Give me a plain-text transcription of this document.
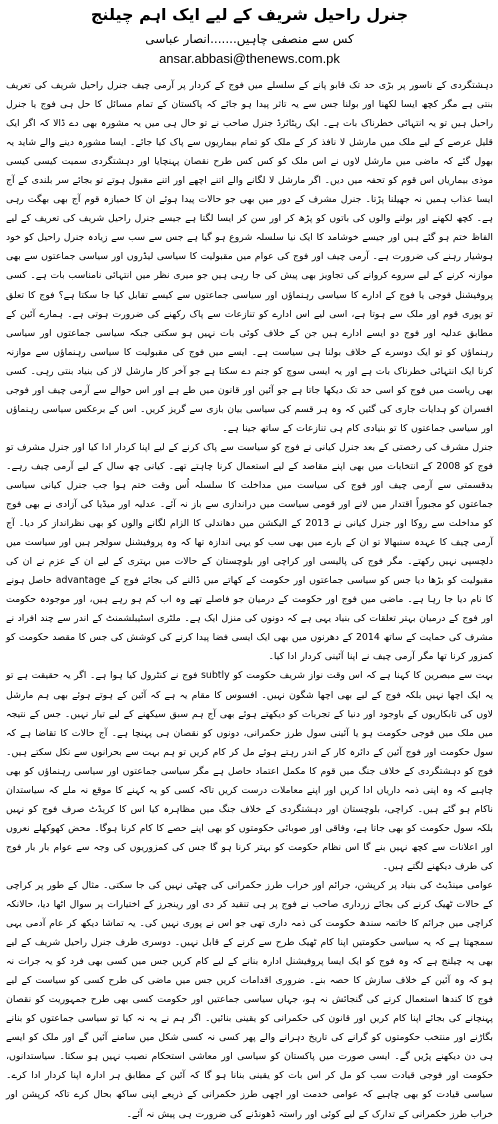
جنرل راحیل شریف کے لیے ایک اہم چیلنج
کس سے منصفی چاہیں.......انصار عباسی
ansar.abbasi@thenews.com.pk

دہشتگردی کے ناسور پر بڑی حد تک قابو پانے کے سلسلے میں فوج کے کردار پر آرمی چیف جنرل راحیل شریف کی تعریف بنتی ہے مگر کچھ ایسا لکھنا اور بولنا جس سے یہ تاثر پیدا ہو جائے کہ پاکستان کے تمام مسائل کا حل ہی فوج یا جنرل راحیل ہیں تو یہ انتہائی خطرناک بات ہے۔ ایک ریٹائرڈ جنرل صاحب نے تو حال ہی میں یہ مشورہ بھی دے ڈالا کہ اگر ایک قلیل عرصے کے لیے ملک میں مارشل لا نافذ کر کے ملک کو تمام بیماریوں سے پاک کیا جائے۔ ایسا مشورہ دینے والے شاید یہ بھول گئے کہ ماضی میں مارشل لاوں نے اس ملک کو کس کس طرح نقصان پہنچایا اور دہشتگردی سمیت کیسی کیسی موذی بیماریاں اس قوم کو تحفہ میں دیں۔ اگر مارشل لا لگانے والے اتنے اچھے اور اتنے مقبول ہوتے تو بجائے سر بلندی کے آج ایسا عذاب ہمیں نہ جھیلنا پڑتا۔ جنرل مشرف کے دور میں بھی جو حالات پیدا ہوئے ان کا خمیازہ قوم آج بھی بھگت رہی ہے۔ کچھ لکھنے اور بولنے والوں کی باتوں کو پڑھ کر اور سن کر ایسا لگتا ہے جیسے جنرل راحیل شریف کی تعریف کے لیے الفاظ ختم ہو گئے ہیں اور جیسے خوشامد کا ایک نیا سلسلہ شروع ہو گیا ہے جس سے سب سے زیادہ جنرل راحیل کو خود ہوشیار رہنے کی ضرورت ہے۔ آرمی چیف اور فوج کی عوام میں مقبولیت کا سیاسی لیڈروں اور سیاسی جماعتوں سے بھی موازنہ کرنے کے لیے سروے کروانے کی تجاویز بھی پیش کی جا رہی ہیں جو میری نظر میں انتہائی نامناسب بات ہے۔ کسی پروفیشنل فوجی یا فوج کے ادارے کا سیاسی رہنماؤں اور سیاسی جماعتوں سے کیسے تقابل کیا جا سکتا ہے؟ فوج کا تعلق تو پوری قوم اور ملک سے ہوتا ہے، اسی لیے اس ادارے کو تنازعات سے پاک رکھنے کی ضرورت ہوتی ہے۔ ہمارے آئین کے مطابق عدلیہ اور فوج دو ایسے ادارے ہیں جن کے خلاف کوئی بات نہیں ہو سکتی جبکہ سیاسی جماعتوں اور سیاسی رہنماؤں کو تو ایک دوسرے کے خلاف بولنا ہی سیاست ہے۔ ایسے میں فوج کی مقبولیت کا سیاسی رہنماؤں سے موازنہ کرنا ایک انتہائی خطرناک بات ہے اور یہ ایسی سوچ کو جنم دے سکتا ہے جو آخر کار مارشل لاز کی بنیاد بنتی رہی۔ کسی بھی ریاست میں فوج کو اسی حد تک دیکھا جاتا ہے جو آئین اور قانون میں طے ہے اور اس حوالے سے آرمی چیف اور فوجی افسران کو ہدایات جاری کی گئیں کہ وہ ہر قسم کی سیاسی بیان بازی سے گریز کریں۔ اس کے برعکس سیاسی رہنماؤں اور سیاسی جماعتوں کا تو بنیادی کام ہی تنازعات کے ساتھ جینا ہے۔

جنرل مشرف کی رخصتی کے بعد جنرل کیانی نے فوج کو سیاست سے پاک کرنے کے لیے اپنا کردار ادا کیا اور جنرل مشرف تو فوج کو 2008 کے انتخابات میں بھی اپنے مقاصد کے لیے استعمال کرنا چاہتے تھے۔ کیانی چھ سال کے لیے آرمی چیف رہے۔ بدقسمتی سے آرمی چیف اور فوج کی سیاست میں مداخلت کا سلسلہ اُس وقت ختم ہوا جب جنرل کیانی سیاسی جماعتوں کو مجبوراً اقتدار میں لانے اور قومی سیاست میں دراندازی سے باز نہ آئے۔ عدلیہ اور میڈیا کی آزادی نے بھی فوج کو مداخلت سے روکا اور جنرل کیانی نے 2013 کے الیکشن میں دھاندلی کا الزام لگانے والوں کو بھی نظرانداز کر دیا۔ آج آرمی چیف کا عہدہ سنبھالا تو ان کے بارے میں بھی سب کو یہی اندازہ تھا کہ وہ پروفیشنل سولجر ہیں اور سیاست میں دلچسپی نہیں رکھتے۔ مگر فوج کی پالیسی اور کراچی اور بلوچستان کے حالات میں بہتری کے لیے ان کے عزم نے ان کی مقبولیت کو بڑھا دیا جس کو سیاسی جماعتوں اور حکومت کے کھاتے میں ڈالنے کی بجائے فوج کے advantage حاصل ہونے کا نام دیا جا رہا ہے۔ ماضی میں فوج اور حکومت کے درمیان جو فاصلے تھے وہ اب کم ہو رہے ہیں، اور موجودہ حکومت اور فوج کے درمیان بہتر تعلقات کی بنیاد یہی ہے کہ دونوں کی منزل ایک ہے۔ ملٹری اسٹیبلشمنٹ کے اندر سے چند افراد نے مشرف کی حمایت کے ساتھ 2014 کے دھرنوں میں بھی ایک ایسی فضا پیدا کرنے کی کوشش کی جس کا مقصد حکومت کو کمزور کرنا تھا مگر آرمی چیف نے اپنا آئینی کردار ادا کیا۔

بہت سے مبصرین کا کہنا ہے کہ اس وقت نواز شریف حکومت کو subtly فوج نے کنٹرول کیا ہوا ہے۔ اگر یہ حقیقت ہے تو یہ ایک اچھا نہیں بلکہ فوج کے لیے بھی اچھا شگون نہیں۔ افسوس کا مقام یہ ہے کہ آئین کے ہوتے ہوئے بھی ہم مارشل لاوں کی تابکاریوں کے باوجود اور دنیا کے تجربات کو دیکھتے ہوئے بھی آج ہم سبق سیکھنے کے لیے تیار نہیں۔ جس کے نتیجہ میں ملک میں فوجی حکومت ہو یا آئینی سول طرز حکمرانی، دونوں کو نقصان ہی پہنچا ہے۔ آج حالات کا تقاضا ہے کہ سول حکومت اور فوج آئین کے دائرہ کار کے اندر رہتے ہوئے مل کر کام کریں تو ہم بہت سے بحرانوں سے نکل سکتے ہیں۔ فوج کو دہشتگردی کے خلاف جنگ میں قوم کا مکمل اعتماد حاصل ہے مگر سیاسی جماعتوں اور سیاسی رہنماؤں کو بھی چاہیے کہ وہ اپنی ذمہ داریاں ادا کریں اور اپنے معاملات درست کریں تاکہ کسی کو یہ کہنے کا موقع نہ ملے کہ سیاستدان ناکام ہو گئے ہیں۔ کراچی، بلوچستان اور دہشتگردی کے خلاف جنگ میں مظاہرہ کیا اس کا کریڈٹ صرف فوج کو نہیں بلکہ سول حکومت کو بھی جاتا ہے، وفاقی اور صوبائی حکومتوں کو بھی اپنے حصے کا کام کرنا ہوگا۔ محض کھوکھلے نعروں اور اعلانات سے کچھ نہیں بنے گا اس نظام حکومت کو بہتر کرنا ہو گا جس کی کمزوریوں کی وجہ سے عوام بار بار فوج کی طرف دیکھنے لگتے ہیں۔

عوامی مینڈیٹ کی بنیاد پر کرپشن، جرائم اور خراب طرز حکمرانی کی چھٹی نہیں کی جا سکتی۔ مثال کے طور پر کراچی کے حالات ٹھیک کرنے کی بجائے زرداری صاحب نے فوج پر ہی تنقید کر دی اور رینجرز کے اختیارات پر سوال اٹھا دیا، حالانکہ کراچی میں جرائم کا خاتمہ سندھ حکومت کی ذمہ داری تھی جو اس نے پوری نہیں کی۔ یہ تماشا دیکھ کر عام آدمی یہی سمجھتا ہے کہ یہ سیاسی حکومتیں اپنا کام ٹھیک طرح سے کرنے کے قابل نہیں۔ دوسری طرف جنرل راحیل شریف کے لیے بھی یہ چیلنج ہے کہ وہ فوج کو ایک ایسا پروفیشنل ادارہ بنانے کے لیے کام کریں جس میں کسی بھی فرد کو یہ جرات نہ ہو کہ وہ آئین کے خلاف سازش کا حصہ بنے۔ ضروری اقدامات کریں جس میں ماضی کی طرح کسی کو سیاست کے لیے فوج کا کندھا استعمال کرنے کی گنجائش نہ ہو، جہاں سیاسی جماعتیں اور حکومت کسی بھی طرح جمہوریت کو نقصان پہنچانے کی بجائے اپنا کام کریں اور قانون کی حکمرانی کو یقینی بنائیں۔ اگر ہم نے یہ نہ کیا تو سیاسی جماعتوں کو بنانے بگاڑنے اور منتخب حکومتوں کو گرانے کی تاریخ دہرانے والے پھر کسی نہ کسی شکل میں سامنے آئیں گے اور ملک کو ایسے ہی دن دیکھنے پڑیں گے۔ ایسی صورت میں پاکستان کو سیاسی اور معاشی استحکام نصیب نہیں ہو سکتا۔ سیاستدانوں، حکومت اور فوجی قیادت سب کو مل کر اس بات کو یقینی بنانا ہو گا کہ آئین کے مطابق ہر ادارہ اپنا کردار ادا کرے۔ سیاسی قیادت کو بھی چاہیے کہ عوامی خدمت اور اچھی طرز حکمرانی کے ذریعے اپنی ساکھ بحال کرے تاکہ کرپشن اور خراب طرز حکمرانی کے تدارک کے لیے کوئی اور راستہ ڈھونڈنے کی ضرورت ہی پیش نہ آئے۔
